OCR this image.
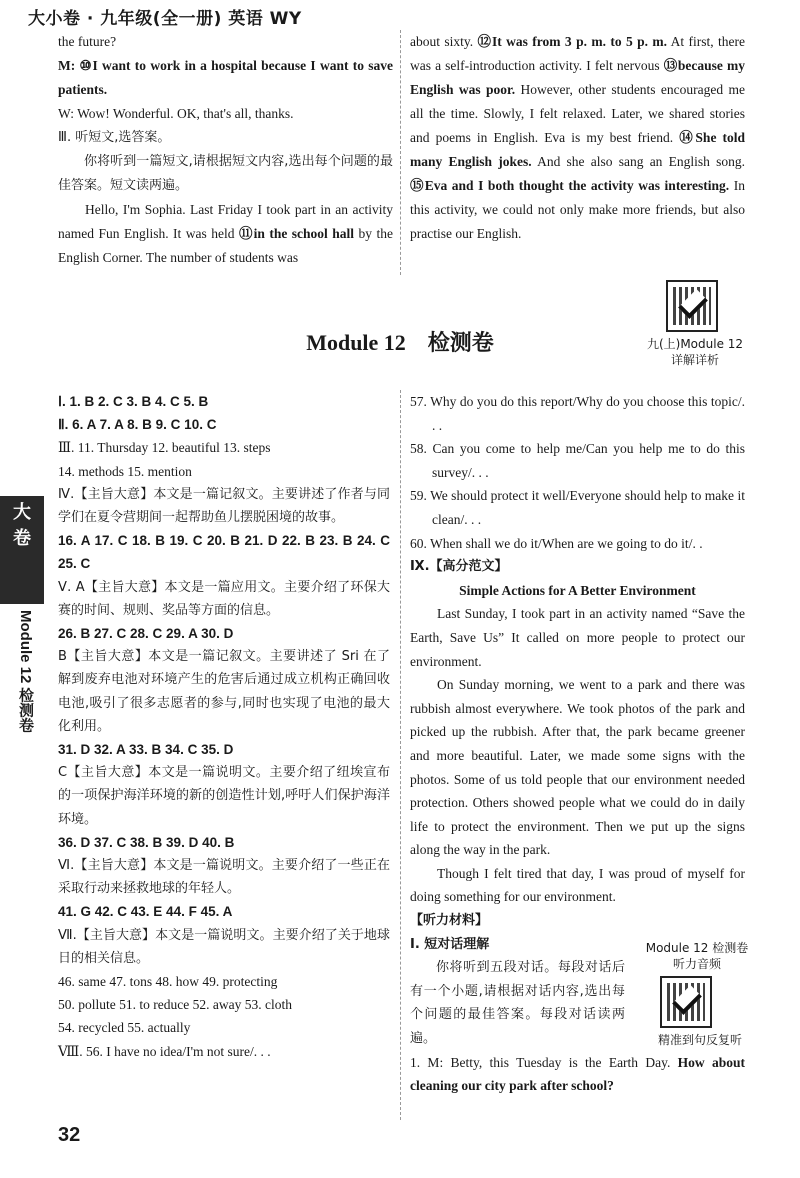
大小卷 · 九年级(全一册) 英语 WY

the future?

M: ⑩I want to work in a hospital because I want to save patients.

W: Wow! Wonderful. OK, that's all, thanks.

Ⅲ. 听短文,选答案。

你将听到一篇短文,请根据短文内容,选出每个问题的最佳答案。短文读两遍。

Hello, I'm Sophia. Last Friday I took part in an activity named Fun English. It was held ⑪in the school hall by the English Corner. The number of students was

about sixty. ⑫It was from 3 p. m. to 5 p. m. At first, there was a self-introduction activity. I felt nervous ⑬because my English was poor. However, other students encouraged me all the time. Slowly, I felt relaxed. Later, we shared stories and poems in English. Eva is my best friend. ⑭She told many English jokes. And she also sang an English song. ⑮Eva and I both thought the activity was interesting. In this activity, we could not only make more friends, but also practise our English.

九(上)Module 12
详解详析
Module 12　检测卷
大
卷
Module 12 检测卷

Ⅰ. 1. B 2. C 3. B 4. C 5. B

Ⅱ. 6. A 7. A 8. B 9. C 10. C

Ⅲ. 11. Thursday 12. beautiful 13. steps

14. methods 15. mention

Ⅳ.【主旨大意】本文是一篇记叙文。主要讲述了作者与同学们在夏令营期间一起帮助鱼儿摆脱困境的故事。

16. A 17. C 18. B 19. C 20. B 21. D 22. B 23. B 24. C 25. C

Ⅴ. A【主旨大意】本文是一篇应用文。主要介绍了环保大赛的时间、规则、奖品等方面的信息。

26. B 27. C 28. C 29. A 30. D

B【主旨大意】本文是一篇记叙文。主要讲述了 Sri 在了解到废弃电池对环境产生的危害后通过成立机构正确回收电池,吸引了很多志愿者的参与,同时也实现了电池的最大化利用。

31. D 32. A 33. B 34. C 35. D

C【主旨大意】本文是一篇说明文。主要介绍了纽埃宣布的一项保护海洋环境的新的创造性计划,呼吁人们保护海洋环境。

36. D 37. C 38. B 39. D 40. B

Ⅵ.【主旨大意】本文是一篇说明文。主要介绍了一些正在采取行动来拯救地球的年轻人。

41. G 42. C 43. E 44. F 45. A

Ⅶ.【主旨大意】本文是一篇说明文。主要介绍了关于地球日的相关信息。

46. same 47. tons 48. how 49. protecting

50. pollute 51. to reduce 52. away 53. cloth

54. recycled 55. actually

Ⅷ. 56. I have no idea/I'm not sure/. . .

57. Why do you do this report/Why do you choose this topic/. . .

58. Can you come to help me/Can you help me to do this survey/. . .

59. We should protect it well/Everyone should help to make it clean/. . .

60. When shall we do it/When are we going to do it/. .

Ⅸ.【高分范文】

Simple Actions for A Better Environment

Last Sunday, I took part in an activity named “Save the Earth, Save Us” It called on more people to protect our environment.

On Sunday morning, we went to a park and there was rubbish almost everywhere. We took photos of the park and picked up the rubbish. After that, the park became greener and more beautiful. Later, we made some signs with the photos. Some of us told people that our environment needed protection. Others showed people what we could do in daily life to protect the environment. Then we put up the signs along the way in the park.

Though I felt tired that day, I was proud of myself for doing something for our environment.

【听力材料】

Ⅰ. 短对话理解

你将听到五段对话。每段对话后有一个小题,请根据对话内容,选出每个问题的最佳答案。每段对话读两遍。

1. M: Betty, this Tuesday is the Earth Day. How about cleaning our city park after school?

Module 12 检测卷
听力音频
精准到句反复听
32
